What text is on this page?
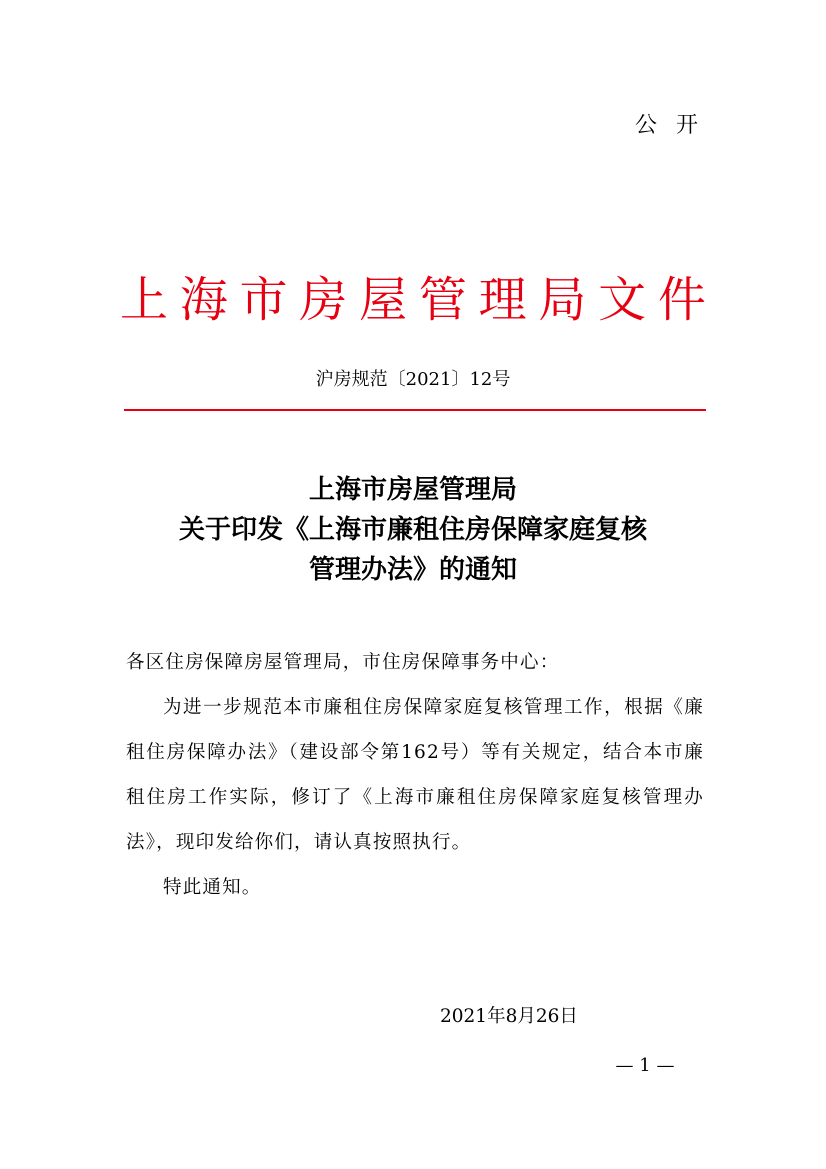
公 开
上 海 市 房 屋 管 理 局 文 件
沪房规范〔2021〕12号
上海市房屋管理局
关于印发《上海市廉租住房保障家庭复核
管理办法》的通知
各区住房保障房屋管理局，市住房保障事务中心：
为进一步规范本市廉租住房保障家庭复核管理工作，根据《廉租住房保障办法》（建设部令第162号）等有关规定，结合本市廉租住房工作实际，修订了《上海市廉租住房保障家庭复核管理办法》，现印发给你们，请认真按照执行。
特此通知。
2021年8月26日
— 1 —
